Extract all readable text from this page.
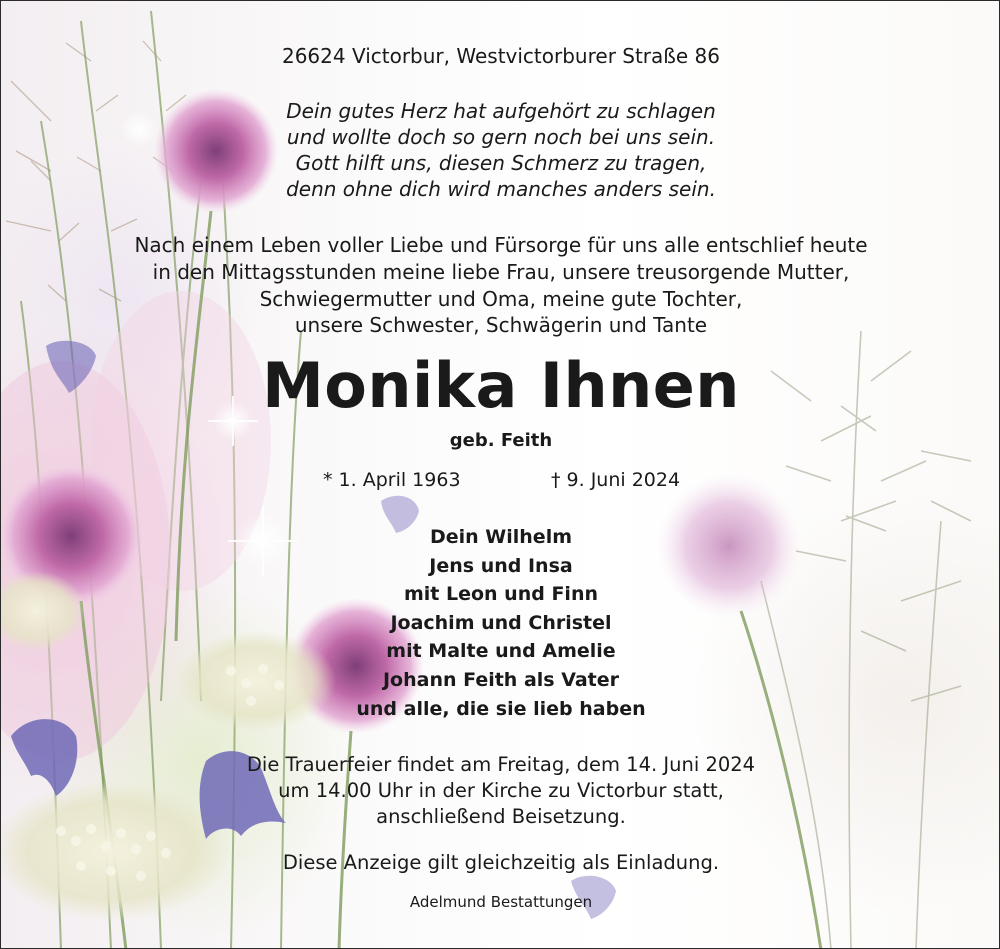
26624 Victorbur, Westvictorburer Straße 86
Dein gutes Herz hat aufgehört zu schlagen
und wollte doch so gern noch bei uns sein.
Gott hilft uns, diesen Schmerz zu tragen,
denn ohne dich wird manches anders sein.
Nach einem Leben voller Liebe und Fürsorge für uns alle entschlief heute
in den Mittagsstunden meine liebe Frau, unsere treusorgende Mutter,
Schwiegermutter und Oma, meine gute Tochter,
unsere Schwester, Schwägerin und Tante
Monika Ihnen
geb. Feith
* 1. April 1963	† 9. Juni 2024
Dein Wilhelm
Jens und Insa
mit Leon und Finn
Joachim und Christel
mit Malte und Amelie
Johann Feith als Vater
und alle, die sie lieb haben
Die Trauerfeier findet am Freitag, dem 14. Juni 2024
um 14.00 Uhr in der Kirche zu Victorbur statt,
anschließend Beisetzung.
Diese Anzeige gilt gleichzeitig als Einladung.
Adelmund Bestattungen
